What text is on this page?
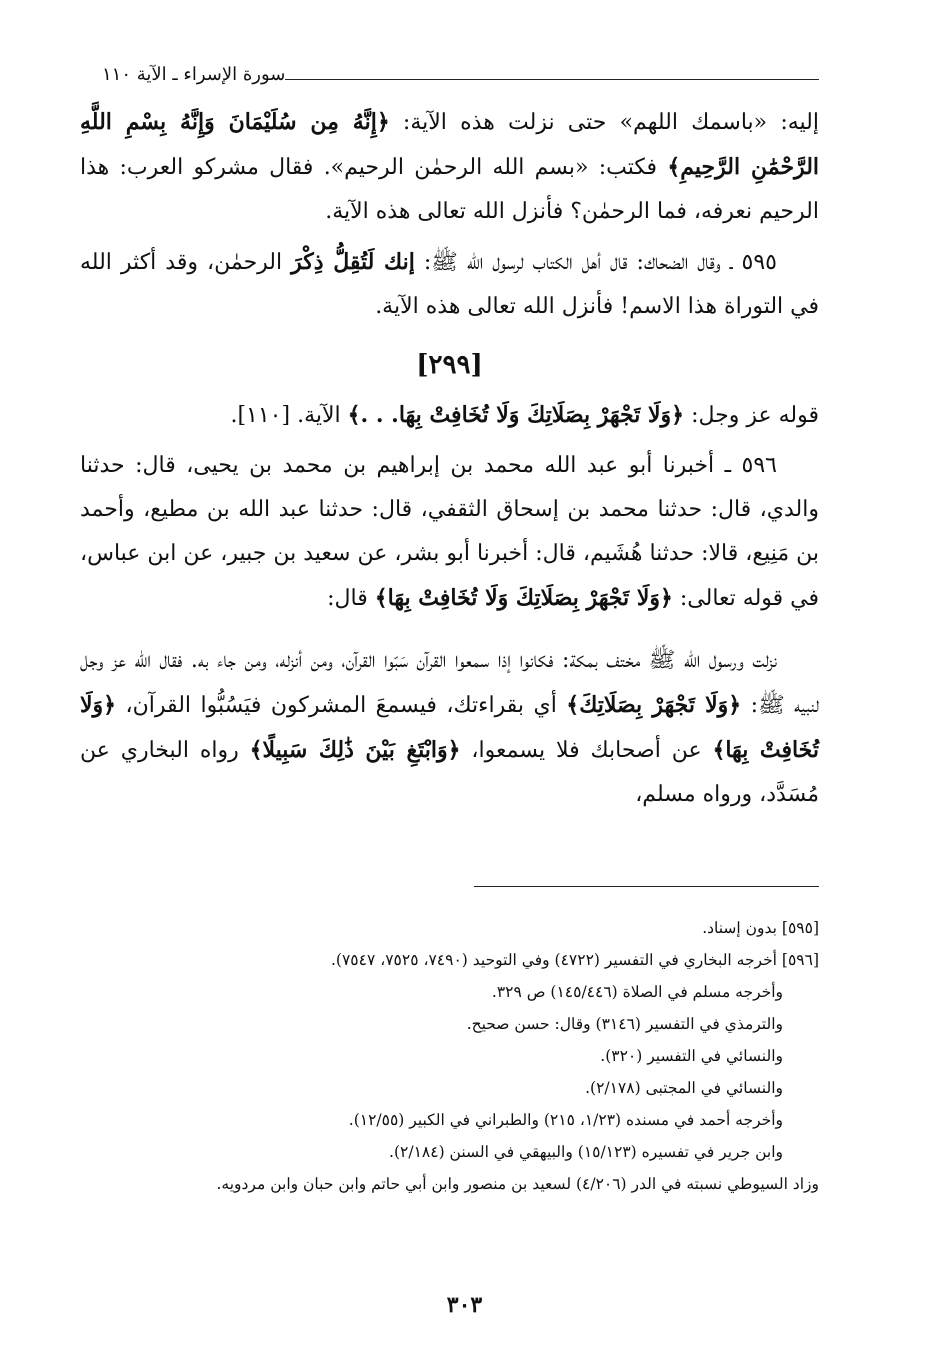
سورة الإسراء ـ الآية ١١٠

إليه: «باسمك اللهم» حتى نزلت هذه الآية: ﴿إِنَّهُ مِن سُلَيْمَانَ وَإِنَّهُ بِسْمِ اللَّهِ الرَّحْمَٰنِ الرَّحِيمِ﴾ فكتب: «بسم الله الرحمٰن الرحيم». فقال مشركو العرب: هذا الرحيم نعرفه، فما الرحمٰن؟ فأنزل الله تعالى هذه الآية.

٥٩٥ ـ وقال الضحاك: قال أهل الكتاب لرسول الله ﷺ: إنك لَتُقِلُّ ذِكْرَ الرحمٰن، وقد أكثر الله في التوراة هذا الاسم! فأنزل الله تعالى هذه الآية.

[٢٩٩]

قوله عز وجل: ﴿وَلَا تَجْهَرْ بِصَلَاتِكَ وَلَا تُخَافِتْ بِهَا. . .﴾ الآية. [١١٠].

٥٩٦ ـ أخبرنا أبو عبد الله محمد بن إبراهيم بن محمد بن يحيى، قال: حدثنا والدي، قال: حدثنا محمد بن إسحاق الثقفي، قال: حدثنا عبد الله بن مطيع، وأحمد بن مَنِيع، قالا: حدثنا هُشَيم، قال: أخبرنا أبو بشر، عن سعيد بن جبير، عن ابن عباس، في قوله تعالى: ﴿وَلَا تَجْهَرْ بِصَلَاتِكَ وَلَا تُخَافِتْ بِهَا﴾ قال:

نزلت ورسول الله ﷺ مختف بمكة: فكانوا إذا سمعوا القرآن سَبّوا القرآن، ومن أنزله، ومن جاء به. فقال الله عز وجل لنبيه ﷺ: ﴿وَلَا تَجْهَرْ بِصَلَاتِكَ﴾ أي بقراءتك، فيسمعَ المشركون فيَسُبُّوا القرآن، ﴿وَلَا تُخَافِتْ بِهَا﴾ عن أصحابك فلا يسمعوا، ﴿وَابْتَغِ بَيْنَ ذَٰلِكَ سَبِيلًا﴾ رواه البخاري عن مُسَدَّد، ورواه مسلم،

[٥٩٥] بدون إسناد.
[٥٩٦] أخرجه البخاري في التفسير (٤٧٢٢) وفي التوحيد (٧٤٩٠، ٧٥٢٥، ٧٥٤٧).
وأخرجه مسلم في الصلاة (١٤٥/٤٤٦) ص ٣٢٩.
والترمذي في التفسير (٣١٤٦) وقال: حسن صحيح.
والنسائي في التفسير (٣٢٠).
والنسائي في المجتبى (٢/١٧٨).
وأخرجه أحمد في مسنده (١/٢٣، ٢١٥) والطبراني في الكبير (١٢/٥٥).
وابن جرير في تفسيره (١٥/١٢٣) والبيهقي في السنن (٢/١٨٤).
وزاد السيوطي نسبته في الدر (٤/٢٠٦) لسعيد بن منصور وابن أبي حاتم وابن حبان وابن مردويه.
٣٠٣
